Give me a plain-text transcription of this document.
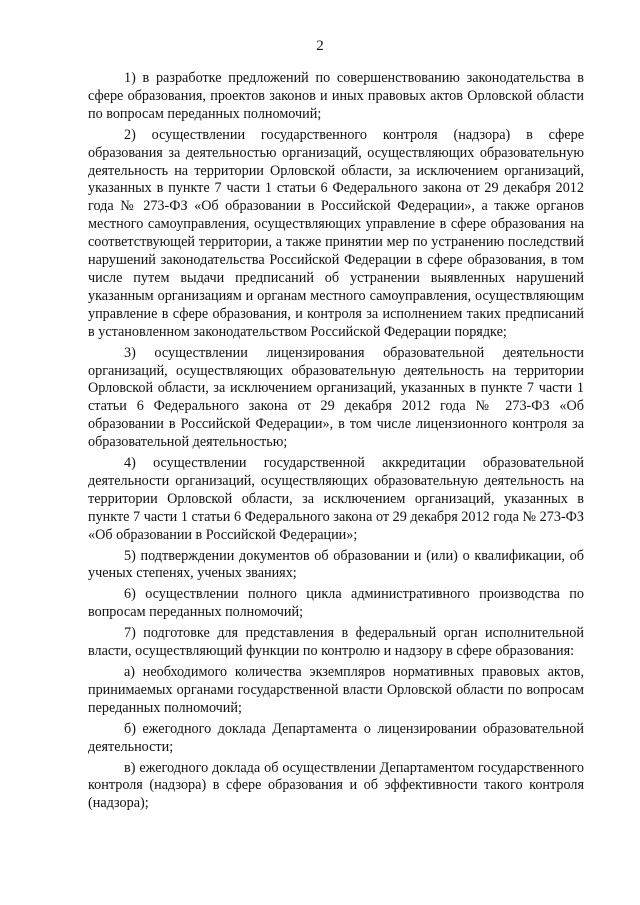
2

1) в разработке предложений по совершенствованию законодательства в сфере образования, проектов законов и иных правовых актов Орловской области по вопросам переданных полномочий;

2) осуществлении государственного контроля (надзора) в сфере образования за деятельностью организаций, осуществляющих образовательную деятельность на территории Орловской области, за исключением организаций, указанных в пункте 7 части 1 статьи 6 Федерального закона от 29 декабря 2012 года № 273-ФЗ «Об образовании в Российской Федерации», а также органов местного самоуправления, осуществляющих управление в сфере образования на соответствующей территории, а также принятии мер по устранению последствий нарушений законодательства Российской Федерации в сфере образования, в том числе путем выдачи предписаний об устранении выявленных нарушений указанным организациям и органам местного самоуправления, осуществляющим управление в сфере образования, и контроля за исполнением таких предписаний в установленном законодательством Российской Федерации порядке;

3) осуществлении лицензирования образовательной деятельности организаций, осуществляющих образовательную деятельность на территории Орловской области, за исключением организаций, указанных в пункте 7 части 1 статьи 6 Федерального закона от 29 декабря 2012 года № 273-ФЗ «Об образовании в Российской Федерации», в том числе лицензионного контроля за образовательной деятельностью;

4) осуществлении государственной аккредитации образовательной деятельности организаций, осуществляющих образовательную деятельность на территории Орловской области, за исключением организаций, указанных в пункте 7 части 1 статьи 6 Федерального закона от 29 декабря 2012 года № 273-ФЗ «Об образовании в Российской Федерации»;

5) подтверждении документов об образовании и (или) о квалификации, об ученых степенях, ученых званиях;

6) осуществлении полного цикла административного производства по вопросам переданных полномочий;

7) подготовке для представления в федеральный орган исполнительной власти, осуществляющий функции по контролю и надзору в сфере образования:

а) необходимого количества экземпляров нормативных правовых актов, принимаемых органами государственной власти Орловской области по вопросам переданных полномочий;

б) ежегодного доклада Департамента о лицензировании образовательной деятельности;

в) ежегодного доклада об осуществлении Департаментом государственного контроля (надзора) в сфере образования и об эффективности такого контроля (надзора);
